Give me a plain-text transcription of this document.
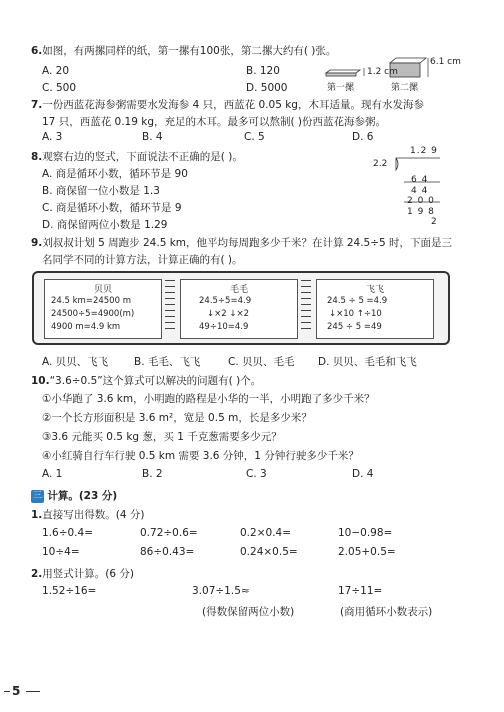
6.如图，有两摞同样的纸，第一摞有100张，第二摞大约有( )张。
A. 20	B. 120
C. 500	D. 5000
1.2 cm
6.1 cm
第一摞	第二摞
7.一份西蓝花海参粥需要水发海参 4 只，西蓝花 0.05 kg，木耳适量。现有水发海参
17 只，西蓝花 0.19 kg，充足的木耳。最多可以熬制( )份西蓝花海参粥。
A. 3	B. 4	C. 5	D. 6
8.观察右边的竖式，下面说法不正确的是( )。
A. 商是循环小数，循环节是 90
B. 商保留一位小数是 1.3
C. 商是循环小数，循环节是 9
D. 商保留两位小数是 1.29
1.2 9
2.2
6 4
4 4
2 0 0
1 9 8
2
9.刘叔叔计划 5 周跑步 24.5 km，他平均每周跑多少千米？在计算 24.5÷5 时，下面是三
名同学不同的计算方法，计算正确的有( )。
贝贝
24.5 km=24500 m
24500÷5=4900(m)
4900 m=4.9 km
毛毛
24.5÷5=4.9
↓×2 ↓×2
49÷10=4.9
飞飞
24.5 ÷ 5 =4.9
↓×10 ↑÷10
245 ÷ 5 =49
A. 贝贝、飞飞 B. 毛毛、飞飞	C. 贝贝、毛毛 D. 贝贝、毛毛和飞飞
10.“3.6÷0.5”这个算式可以解决的问题有( )个。
①小华跑了 3.6 km，小明跑的路程是小华的一半，小明跑了多少千米？
②一个长方形面积是 3.6 m²，宽是 0.5 m，长是多少米？
③3.6 元能买 0.5 kg 葱，买 1 千克葱需要多少元？
④小红骑自行车行驶 0.5 km 需要 3.6 分钟，1 分钟行驶多少千米？
A. 1	B. 2	C. 3	D. 4
三 计算。(23 分)
1.直接写出得数。(4 分)
1.6÷0.4=	0.72÷0.6=	0.2×0.4=	10−0.98=
10÷4=	86÷0.43=	0.24×0.5=	2.05+0.5=
2.用竖式计算。(6 分)
1.52÷16=	3.07÷1.5≈	17÷11=
(得数保留两位小数)	(商用循环小数表示)
5
